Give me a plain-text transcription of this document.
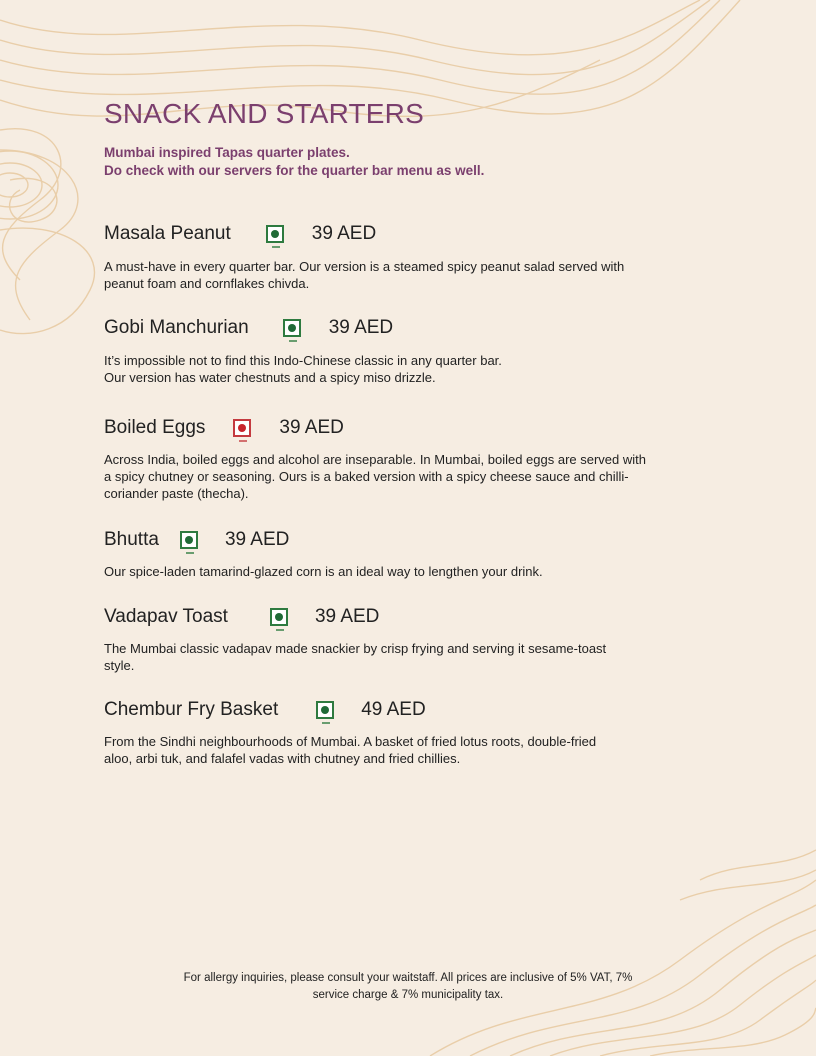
SNACK AND STARTERS
Mumbai inspired Tapas quarter plates.
Do check with our servers for the quarter bar menu as well.
Masala Peanut	39 AED
A must-have in every quarter bar. Our version is a steamed spicy peanut salad served with
peanut foam and cornflakes chivda.
Gobi Manchurian	39 AED
It’s impossible not to find this Indo-Chinese classic in any quarter bar.
Our version has water chestnuts and a spicy miso drizzle.
Boiled Eggs	39 AED
Across India, boiled eggs and alcohol are inseparable. In Mumbai, boiled eggs are served with
a spicy chutney or seasoning. Ours is a baked version with a spicy cheese sauce and chilli-
coriander paste (thecha).
Bhutta	39 AED
Our spice-laden tamarind-glazed corn is an ideal way to lengthen your drink.
Vadapav Toast	39 AED
The Mumbai classic vadapav made snackier by crisp frying and serving it sesame-toast
style.
Chembur Fry Basket	49 AED
From the Sindhi neighbourhoods of Mumbai. A basket of fried lotus roots, double-fried
aloo, arbi tuk, and falafel vadas with chutney and fried chillies.
For allergy inquiries, please consult your waitstaff. All prices are inclusive of 5% VAT, 7%
service charge & 7% municipality tax.
